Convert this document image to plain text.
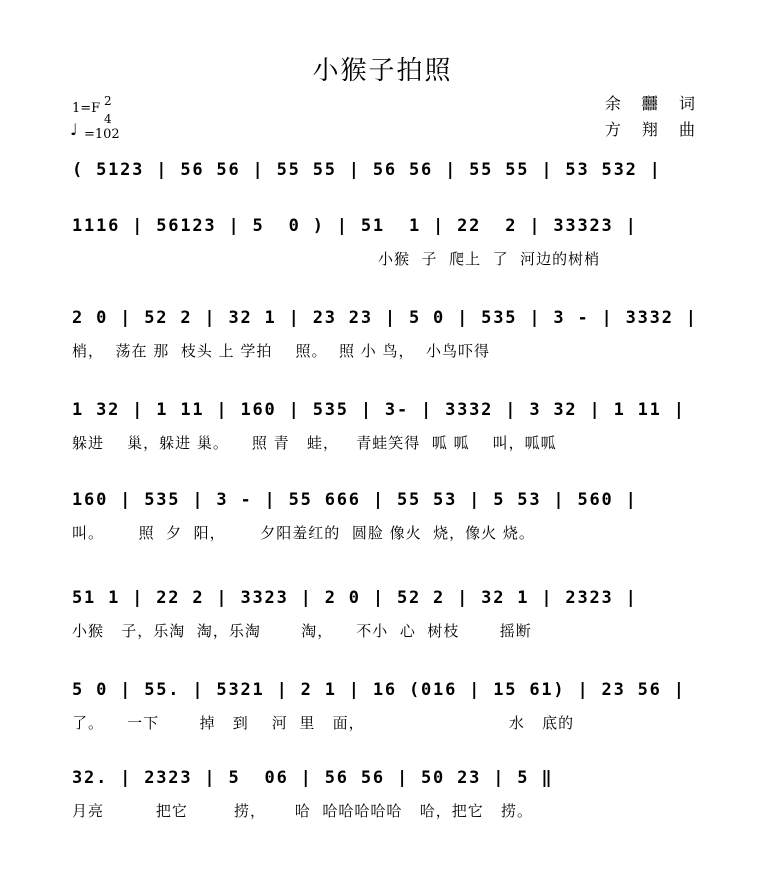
小猴子拍照
1=F 2
4
♩ =102
余 䨻 词
方 翔 曲
( 5123 | 56 56 | 55 55 | 56 56 | 55 55 | 53 532 |
1116 | 56123 | 5  0 ) | 51  1 | 22  2 | 33323 |
小猴  子  爬上  了  河边的树梢
2 0 | 52 2 | 32 1 | 23 23 | 5 0 | 535 | 3 - | 3332 |
梢，  荡在 那  枝头 上 学拍    照。  照 小 鸟，  小鸟吓得
1 32 | 1 11 | 160 | 535 | 3- | 3332 | 3 32 | 1 11 |
躲进    巢，躲进 巢。    照 青   蛙，   青蛙笑得  呱 呱    叫，呱呱
160 | 535 | 3 - | 55 666 | 55 53 | 5 53 | 560 |
叫。      照  夕  阳，      夕阳羞红的  圆脸 像火  烧，像火 烧。
51 1 | 22 2 | 3323 | 2 0 | 52 2 | 32 1 | 2323 |
小猴   子，乐淘  淘，乐淘       淘，    不小  心  树枝       摇断
5 0 | 55. | 5321 | 2 1 | 16 (016 | 15 61) | 23 56 |
了。    一下       掉   到    河  里   面，                         水   底的
32. | 2323 | 5  06 | 56 56 | 50 23 | 5 ‖
月亮         把它        捞，     哈  哈哈哈哈哈   哈，把它   捞。
